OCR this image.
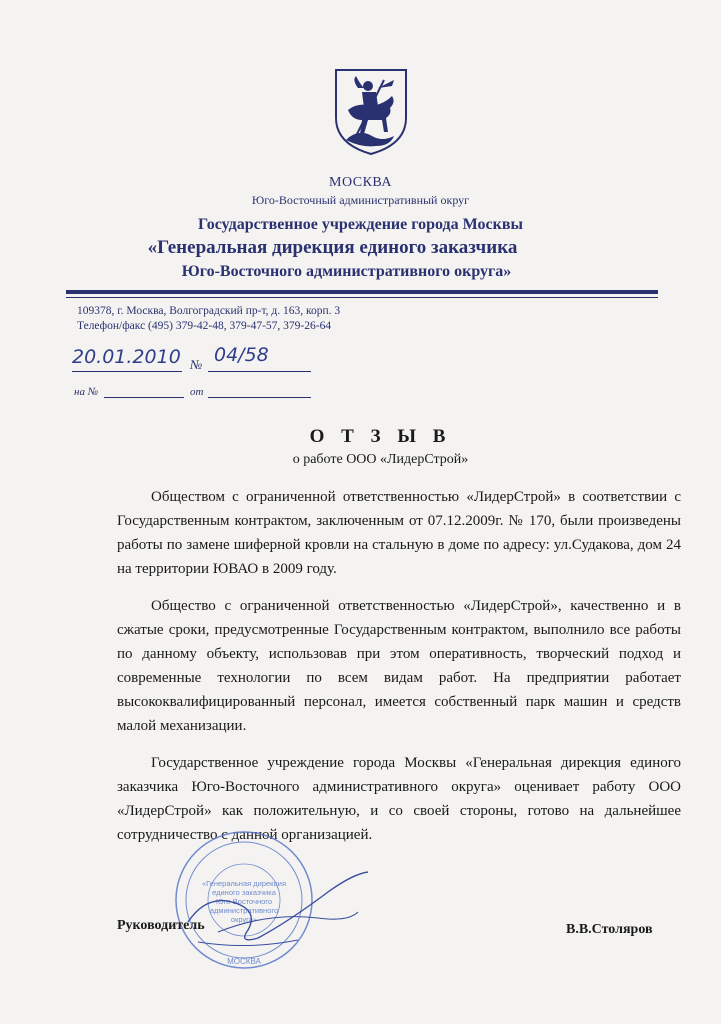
МОСКВА
Юго-Восточный административный округ
Государственное учреждение города Москвы
«Генеральная дирекция единого заказчика
Юго-Восточного административного округа»
109378, г. Москва, Волгоградский пр-т, д. 163, корп. 3
Телефон/факс (495) 379-42-48, 379-47-57, 379-26-64
20.01.2010 № 04/58
на №	от
О Т З Ы В
о работе ООО «ЛидерСтрой»

Обществом с ограниченной ответственностью «ЛидерСтрой» в соответствии с Государственным контрактом, заключенным от 07.12.2009г. № 170, были произведены работы по замене шиферной кровли на стальную в доме по адресу: ул.Судакова, дом 24 на территории ЮВАО в 2009 году.

Общество с ограниченной ответственностью «ЛидерСтрой», качественно и в сжатые сроки, предусмотренные Государственным контрактом, выполнило все работы по данному объекту, использовав при этом оперативность, творческий подход и современные технологии по всем видам работ. На предприятии работает высококвалифицированный персонал, имеется собственный парк машин и средств малой механизации.

Государственное учреждение города Москвы «Генеральная дирекция единого заказчика Юго-Восточного административного округа» оценивает работу ООО «ЛидерСтрой» как положительную, и со своей стороны, готово на дальнейшее сотрудничество с данной организацией.

«Генеральная дирекция
единого заказчика
Юго-Восточного
административного
округа»
МОСКВА
Руководитель	В.В.Столяров
